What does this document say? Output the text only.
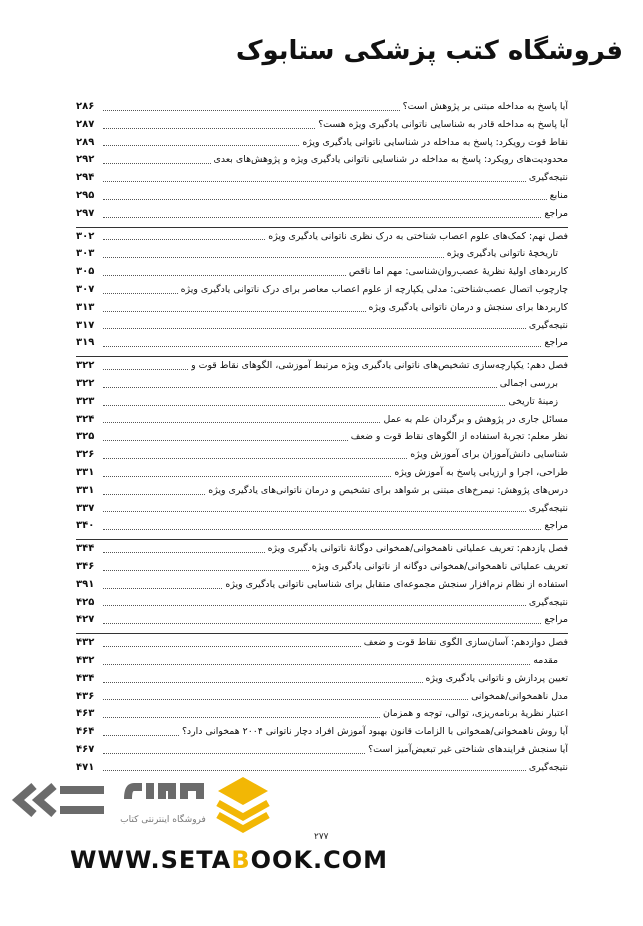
فروشگاه کتب پزشکی ستابوک
آیا پاسخ به مداخله مبتنی بر پژوهش است؟
۲۸۶
آیا پاسخ به مداخله قادر به شناسایی ناتوانی یادگیری ویژه هست؟
۲۸۷
نقاط قوت رویکرد: پاسخ به مداخله در شناسایی ناتوانی یادگیری ویژه
۲۸۹
محدودیت‌های رویکرد: پاسخ به مداخله در شناسایی ناتوانی یادگیری ویژه و پژوهش‌های بعدی
۲۹۲
نتیجه‌گیری
۲۹۴
منابع
۲۹۵
مراجع
۲۹۷
فصل نهم: کمک‌های علوم اعصاب شناختی به درک نظری ناتوانی یادگیری ویژه
۳۰۲
تاریخچهٔ ناتوانی یادگیری ویژه
۳۰۳
کاربردهای اولیهٔ نظریهٔ عصب‌روان‌شناسی: مهم اما ناقص
۳۰۵
چارچوب اتصال عصب‌شناختی: مدلی یکپارچه از علوم اعصاب معاصر برای درک ناتوانی یادگیری ویژه
۳۰۷
کاربردها برای سنجش و درمان ناتوانی یادگیری ویژه
۳۱۳
نتیجه‌گیری
۳۱۷
مراجع
۳۱۹
فصل دهم: یکپارچه‌سازی تشخیص‌های ناتوانی یادگیری ویژه مرتبط آموزشی، الگوهای نقاط قوت و
۳۲۲
بررسی اجمالی
۳۲۲
زمینهٔ تاریخی
۳۲۳
مسائل جاری در پژوهش و برگردان علم به عمل
۳۲۴
نظر معلم: تجربهٔ استفاده از الگوهای نقاط قوت و ضعف
۳۲۵
شناسایی دانش‌آموزان برای آموزش ویژه
۳۲۶
طراحی، اجرا و ارزیابی پاسخ به آموزش ویژه
۳۳۱
درس‌های پژوهش: نیمرخ‌های مبتنی بر شواهد برای تشخیص و درمان ناتوانی‌های یادگیری ویژه
۳۳۱
نتیجه‌گیری
۳۳۷
مراجع
۳۴۰
فصل یازدهم: تعریف عملیاتی ناهمخوانی/همخوانی دوگانهٔ ناتوانی یادگیری ویژه
۳۴۴
تعریف عملیاتی ناهمخوانی/همخوانی دوگانه از ناتوانی یادگیری ویژه
۳۴۶
استفاده از نظام نرم‌افزار سنجش مجموعه‌ای متقابل برای شناسایی ناتوانی یادگیری ویژه
۳۹۱
نتیجه‌گیری
۴۲۵
مراجع
۴۲۷
فصل دوازدهم: آسان‌سازی الگوی نقاط قوت و ضعف
۴۳۲
مقدمه
۴۳۲
تعیین پردازش و ناتوانی یادگیری ویژه
۴۳۴
مدل ناهمخوانی/همخوانی
۴۳۶
اعتبار نظریهٔ برنامه‌ریزی، توالی، توجه و همزمان
۴۶۳
آیا روش ناهمخوانی/همخوانی با الزامات قانون بهبود آموزش افراد دچار ناتوانی ۲۰۰۴ همخوانی دارد؟
۴۶۴
آیا سنجش فرایندهای شناختی غیر تبعیض‌آمیز است؟
۴۶۷
نتیجه‌گیری
۴۷۱
۲۷۷
فروشگاه اینترنتی کتاب
WWW.SETABOOK.COM
